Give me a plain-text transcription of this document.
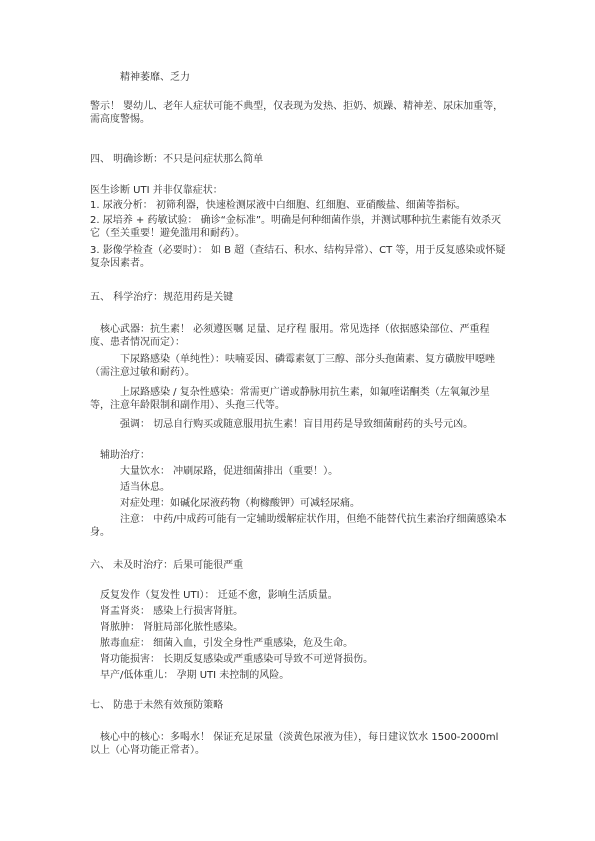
精神萎靡、乏力
警示！ 婴幼儿、老年人症状可能不典型，仅表现为发热、拒奶、烦躁、精神差、尿床加重等，需高度警惕。
四、 明确诊断：不只是问症状那么简单
医生诊断 UTI 并非仅靠症状：
1. 尿液分析： 初筛利器，快速检测尿液中白细胞、红细胞、亚硝酸盐、细菌等指标。
2. 尿培养 + 药敏试验： 确诊“金标准”。明确是何种细菌作祟，并测试哪种抗生素能有效杀灭它（至关重要！避免滥用和耐药）。
3. 影像学检查（必要时）： 如 B 超（查结石、积水、结构异常）、CT 等，用于反复感染或怀疑复杂因素者。
五、 科学治疗：规范用药是关键
核心武器：抗生素！ 必须遵医嘱 足量、足疗程 服用。常见选择（依据感染部位、严重程度、患者情况而定）：
下尿路感染（单纯性）：呋喃妥因、磷霉素氨丁三醇、部分头孢菌素、复方磺胺甲噁唑（需注意过敏和耐药）。
上尿路感染 / 复杂性感染：常需更广谱或静脉用抗生素，如氟喹诺酮类（左氧氟沙星等，注意年龄限制和副作用）、头孢三代等。
强调： 切忌自行购买或随意服用抗生素！盲目用药是导致细菌耐药的头号元凶。
辅助治疗：
大量饮水： 冲刷尿路，促进细菌排出（重要！）。
适当休息。
对症处理：如碱化尿液药物（枸橼酸钾）可减轻尿痛。
注意： 中药/中成药可能有一定辅助缓解症状作用，但绝不能替代抗生素治疗细菌感染本身。
六、 未及时治疗：后果可能很严重
反复发作（复发性 UTI）： 迁延不愈，影响生活质量。
肾盂肾炎： 感染上行损害肾脏。
肾脓肿： 肾脏局部化脓性感染。
脓毒血症： 细菌入血，引发全身性严重感染，危及生命。
肾功能损害： 长期反复感染或严重感染可导致不可逆肾损伤。
早产/低体重儿： 孕期 UTI 未控制的风险。
七、 防患于未然有效预防策略
核心中的核心：多喝水！ 保证充足尿量（淡黄色尿液为佳），每日建议饮水 1500-2000ml 以上（心肾功能正常者）。
